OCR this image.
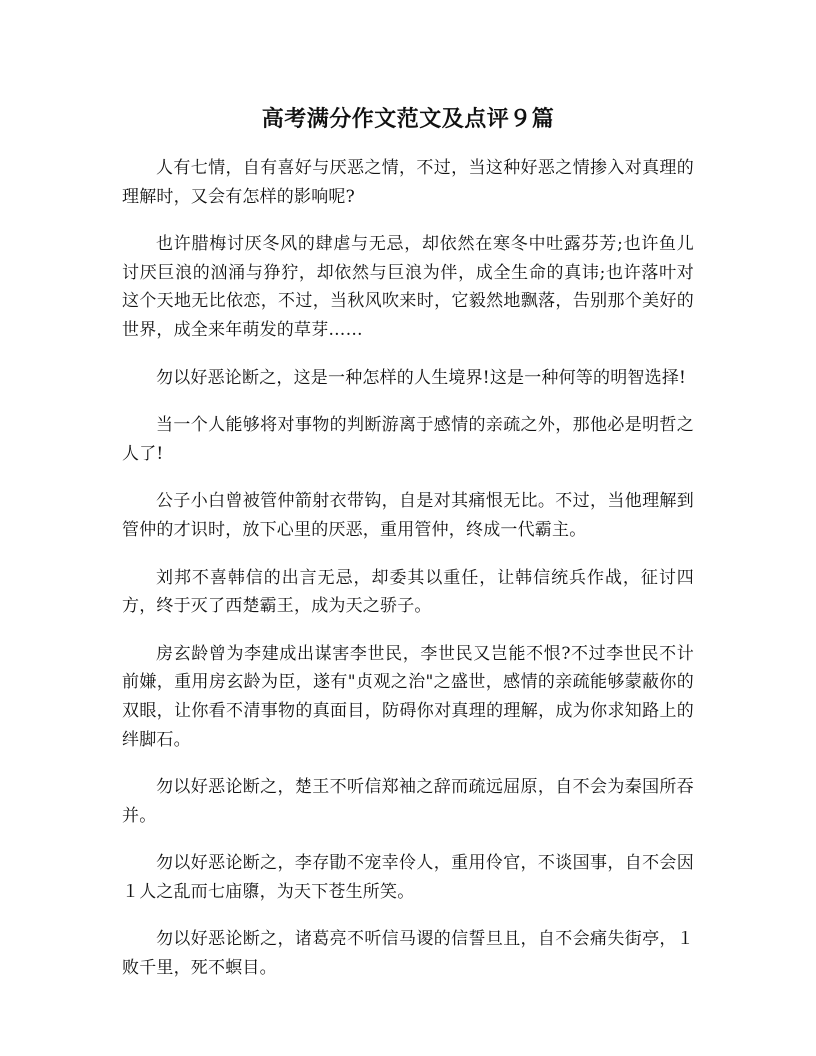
高考满分作文范文及点评９篇

人有七情，自有喜好与厌恶之情，不过，当这种好恶之情掺入对真理的理解时，又会有怎样的影响呢?

也许腊梅讨厌冬风的肆虐与无忌，却依然在寒冬中吐露芬芳;也许鱼儿讨厌巨浪的汹涌与狰狞，却依然与巨浪为伴，成全生命的真讳;也许落叶对这个天地无比依恋，不过，当秋风吹来时，它毅然地飘落，告别那个美好的世界，成全来年萌发的草芽……

勿以好恶论断之，这是一种怎样的人生境界!这是一种何等的明智选择!

当一个人能够将对事物的判断游离于感情的亲疏之外，那他必是明哲之人了!

公子小白曾被管仲箭射衣带钩，自是对其痛恨无比。不过，当他理解到管仲的才识时，放下心里的厌恶，重用管仲，终成一代霸主。

刘邦不喜韩信的出言无忌，却委其以重任，让韩信统兵作战，征讨四方，终于灭了西楚霸王，成为天之骄子。

房玄龄曾为李建成出谋害李世民，李世民又岂能不恨?不过李世民不计前嫌，重用房玄龄为臣，遂有"贞观之治"之盛世，感情的亲疏能够蒙蔽你的双眼，让你看不清事物的真面目，防碍你对真理的理解，成为你求知路上的绊脚石。

勿以好恶论断之，楚王不听信郑袖之辞而疏远屈原，自不会为秦国所吞并。

勿以好恶论断之，李存勖不宠幸伶人，重用伶官，不谈国事，自不会因１人之乱而七庙隳，为天下苍生所笑。

勿以好恶论断之，诸葛亮不听信马谡的信誓旦且，自不会痛失街亭，１败千里，死不螟目。
